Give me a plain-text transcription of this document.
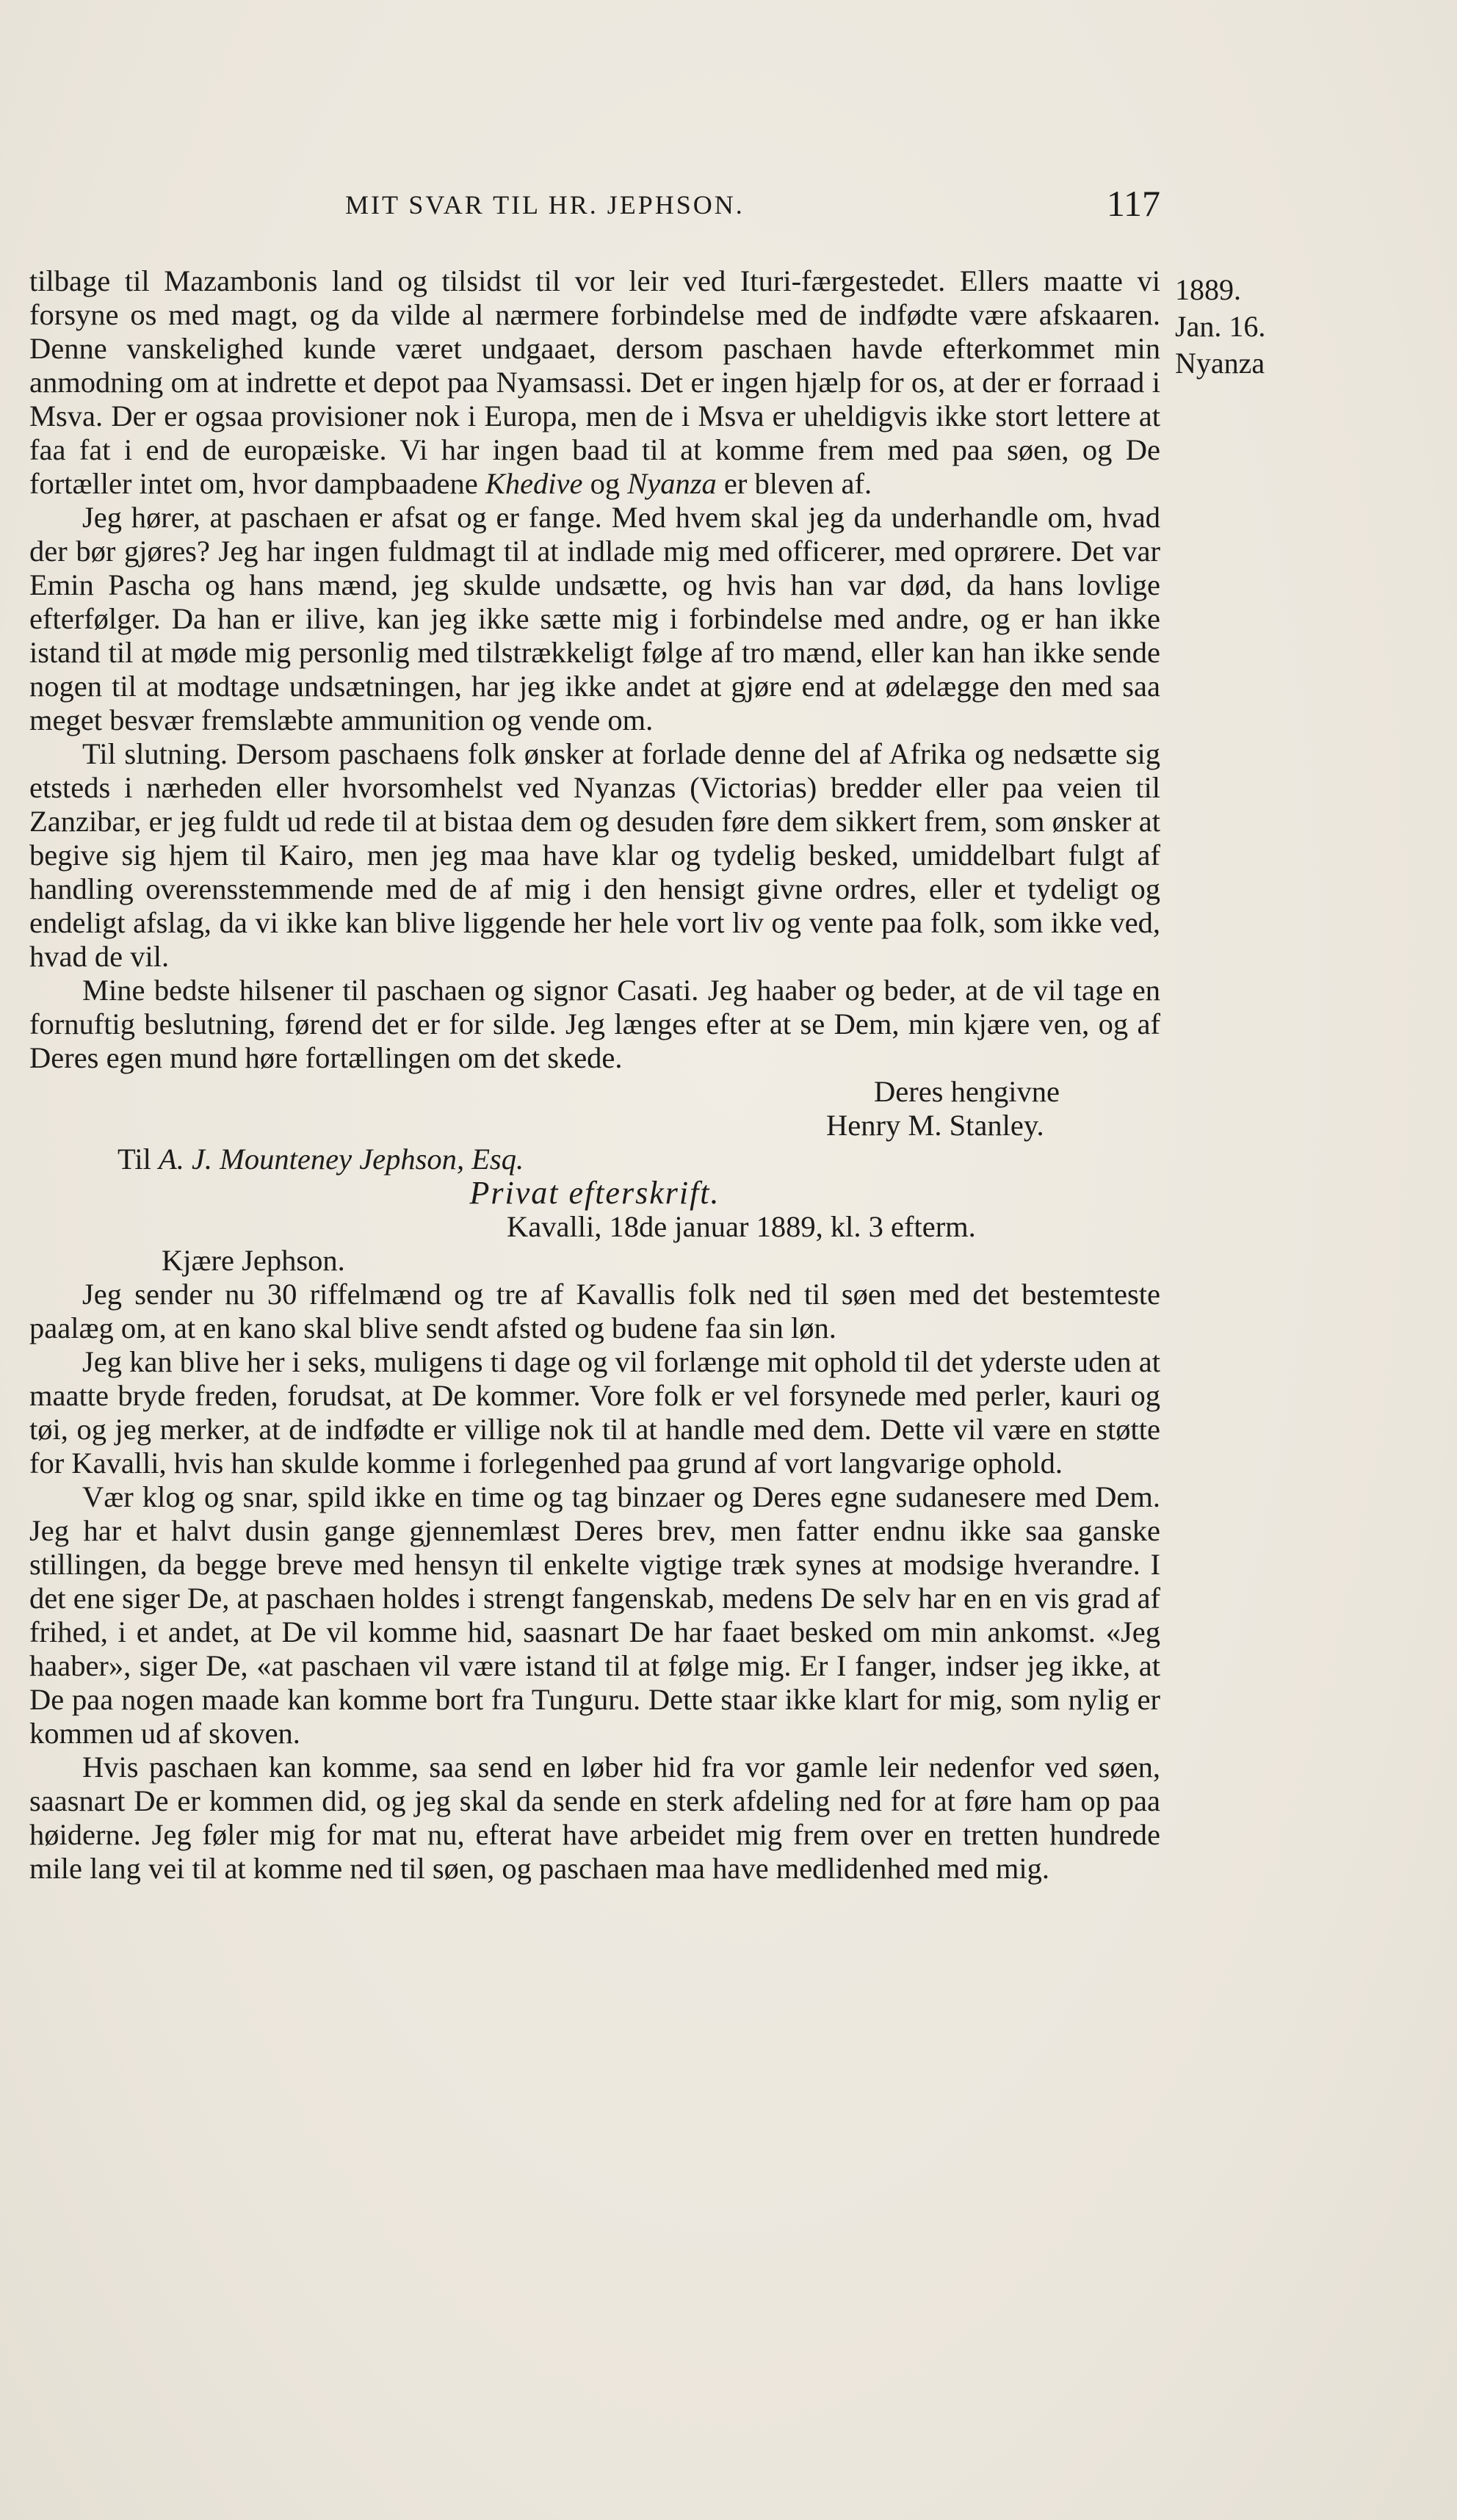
MIT SVAR TIL HR. JEPHSON.	117
1889.
Jan. 16.
Nyanza

tilbage til Mazambonis land og tilsidst til vor leir ved Ituri-færgestedet. Ellers maatte vi forsyne os med magt, og da vilde al nærmere forbindelse med de indfødte være afskaaren. Denne vanskelighed kunde været undgaaet, dersom paschaen havde efterkommet min anmodning om at indrette et depot paa Nyamsassi. Det er ingen hjælp for os, at der er forraad i Msva. Der er ogsaa provisioner nok i Europa, men de i Msva er uheldigvis ikke stort lettere at faa fat i end de europæiske. Vi har ingen baad til at komme frem med paa søen, og De fortæller intet om, hvor dampbaadene Khedive og Nyanza er bleven af.

Jeg hører, at paschaen er afsat og er fange. Med hvem skal jeg da underhandle om, hvad der bør gjøres? Jeg har ingen fuldmagt til at indlade mig med officerer, med oprørere. Det var Emin Pascha og hans mænd, jeg skulde undsætte, og hvis han var død, da hans lovlige efterfølger. Da han er ilive, kan jeg ikke sætte mig i forbindelse med andre, og er han ikke istand til at møde mig personlig med tilstrækkeligt følge af tro mænd, eller kan han ikke sende nogen til at modtage undsætningen, har jeg ikke andet at gjøre end at ødelægge den med saa meget besvær fremslæbte ammunition og vende om.

Til slutning. Dersom paschaens folk ønsker at forlade denne del af Afrika og nedsætte sig etsteds i nærheden eller hvorsomhelst ved Nyanzas (Victorias) bredder eller paa veien til Zanzibar, er jeg fuldt ud rede til at bistaa dem og desuden føre dem sikkert frem, som ønsker at begive sig hjem til Kairo, men jeg maa have klar og tydelig besked, umiddelbart fulgt af handling overensstemmende med de af mig i den hensigt givne ordres, eller et tydeligt og endeligt afslag, da vi ikke kan blive liggende her hele vort liv og vente paa folk, som ikke ved, hvad de vil.

Mine bedste hilsener til paschaen og signor Casati. Jeg haaber og beder, at de vil tage en fornuftig beslutning, førend det er for silde. Jeg længes efter at se Dem, min kjære ven, og af Deres egen mund høre fortællingen om det skede.

Deres hengivne

Henry M. Stanley.

Til A. J. Mounteney Jephson, Esq.

Privat efterskrift.

Kavalli, 18de januar 1889, kl. 3 efterm.

Kjære Jephson.

Jeg sender nu 30 riffelmænd og tre af Kavallis folk ned til søen med det bestemteste paalæg om, at en kano skal blive sendt afsted og budene faa sin løn.

Jeg kan blive her i seks, muligens ti dage og vil forlænge mit ophold til det yderste uden at maatte bryde freden, forudsat, at De kommer. Vore folk er vel forsynede med perler, kauri og tøi, og jeg merker, at de indfødte er villige nok til at handle med dem. Dette vil være en støtte for Kavalli, hvis han skulde komme i forlegenhed paa grund af vort langvarige ophold.

Vær klog og snar, spild ikke en time og tag binzaer og Deres egne sudanesere med Dem. Jeg har et halvt dusin gange gjennemlæst Deres brev, men fatter endnu ikke saa ganske stillingen, da begge breve med hensyn til enkelte vigtige træk synes at modsige hverandre. I det ene siger De, at paschaen holdes i strengt fangenskab, medens De selv har en en vis grad af frihed, i et andet, at De vil komme hid, saasnart De har faaet besked om min ankomst. «Jeg haaber», siger De, «at paschaen vil være istand til at følge mig. Er I fanger, indser jeg ikke, at De paa nogen maade kan komme bort fra Tunguru. Dette staar ikke klart for mig, som nylig er kommen ud af skoven.

Hvis paschaen kan komme, saa send en løber hid fra vor gamle leir nedenfor ved søen, saasnart De er kommen did, og jeg skal da sende en sterk afdeling ned for at føre ham op paa høiderne. Jeg føler mig for mat nu, efterat have arbeidet mig frem over en tretten hundrede mile lang vei til at komme ned til søen, og paschaen maa have medlidenhed med mig.
